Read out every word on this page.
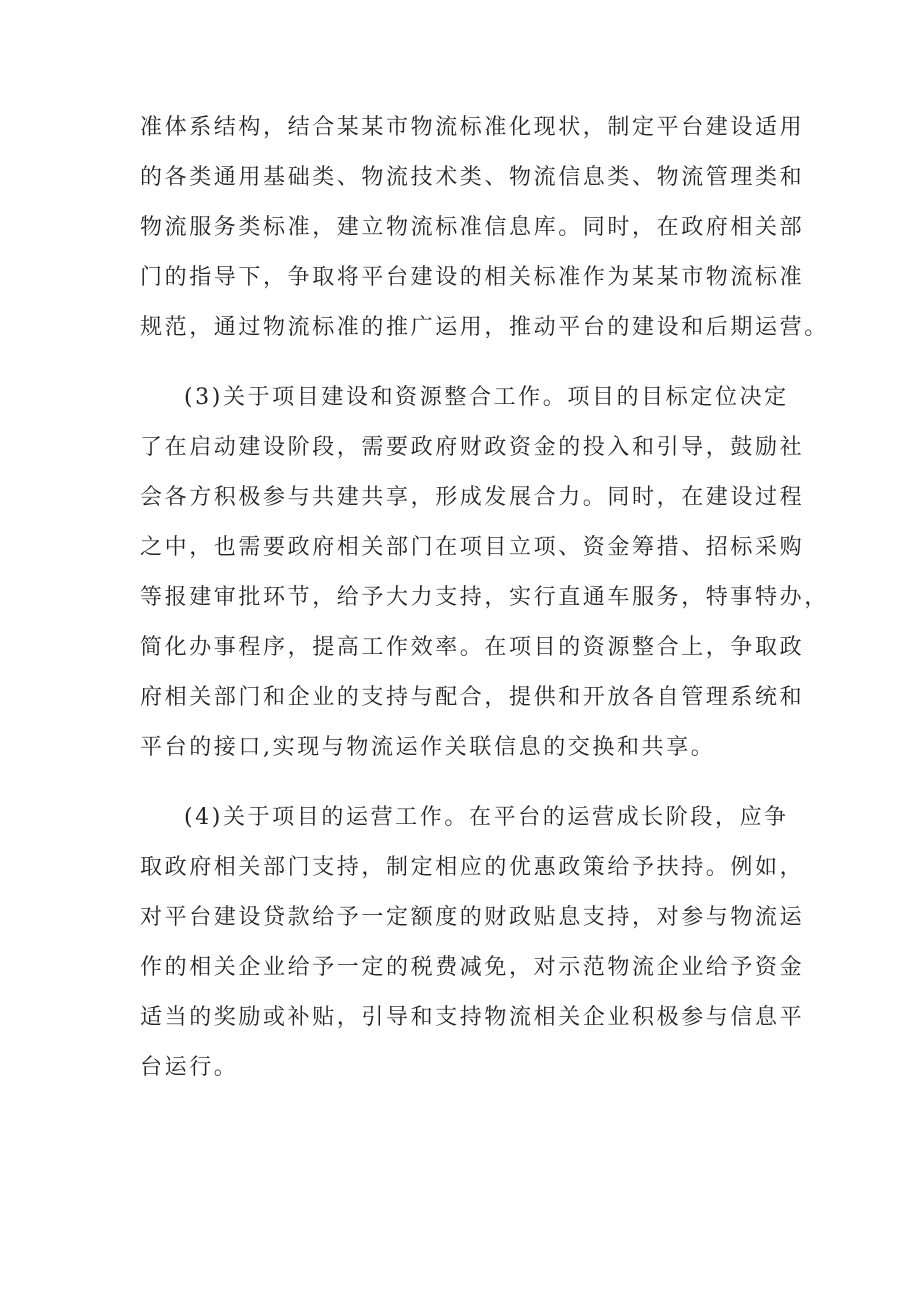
准体系结构，结合某某市物流标准化现状，制定平台建设适用
的各类通用基础类、物流技术类、物流信息类、物流管理类和
物流服务类标准，建立物流标准信息库。同时，在政府相关部
门的指导下，争取将平台建设的相关标准作为某某市物流标准
规范，通过物流标准的推广运用，推动平台的建设和后期运营。

(3)关于项目建设和资源整合工作。项目的目标定位决定
了在启动建设阶段，需要政府财政资金的投入和引导，鼓励社
会各方积极参与共建共享，形成发展合力。同时，在建设过程
之中，也需要政府相关部门在项目立项、资金筹措、招标采购
等报建审批环节，给予大力支持，实行直通车服务，特事特办，
简化办事程序，提高工作效率。在项目的资源整合上，争取政
府相关部门和企业的支持与配合，提供和开放各自管理系统和
平台的接口,实现与物流运作关联信息的交换和共享。

(4)关于项目的运营工作。在平台的运营成长阶段，应争
取政府相关部门支持，制定相应的优惠政策给予扶持。例如，
对平台建设贷款给予一定额度的财政贴息支持，对参与物流运
作的相关企业给予一定的税费减免，对示范物流企业给予资金
适当的奖励或补贴，引导和支持物流相关企业积极参与信息平
台运行。
